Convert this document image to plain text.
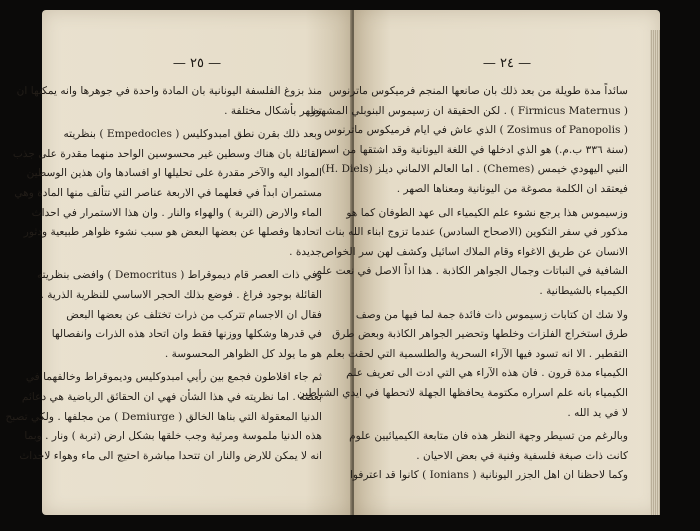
— ٢٥ —
منذ بزوغ الفلسفة اليونانية بان المادة واحدة في جوهرها وانه يمكنها ان
تظهر بأشكال مختلفة .
وبعد ذلك بقرن نطق امبدوكليس ( Empedocles ) بنظريته
القائلة بان هناك وسطين غير محسوسين الواحد منهما مقدرة على جذب
المواد اليه والآخر مقدرة على تحليلها او افسادها وان هذين الوسطين
مستمران ابداً في فعلهما في الاربعة عناصر التي تتألف منها المادة وهي
الماء والارض (التربة ) والهواء والنار . وان هذا الاستمرار في احداث
اتحادها وفصلها عن بعضها البعض هو سبب نشوء ظواهر طبيعية ودثور
جديدة .
وفي ذات العصر قام ديموقراط ( Democritus ) وافضى بنظريته
القائلة بوجود فراغ . فوضع بذلك الحجر الاساسي للنظرية الذرية .
فقال ان الاجسام تتركب من ذرات تختلف عن بعضها البعض
في قدرها وشكلها ووزنها فقط وان اتحاد هذه الذرات وانفصالها
هو ما يولد كل الظواهر المحسوسة .
ثم جاء افلاطون فجمع بين رأيي امبدوكليس وديموقراط وخالفهما في
بعضه . اما نظريته في هذا الشأن فهي ان الحقائق الرياضية هي دعائم
الدنيا المعقولة التي بناها الخالق ( Demiurge ) من مجلفها . ولكي تصبح
هذه الدنيا ملموسة ومرئية وجب خلقها بشكل ارض (تربة ) ونار . وبما
انه لا يمكن للارض والنار ان تتحدا مباشرة احتيج الى ماء وهواء لاحداث
— ٢٤ —
سائداً مدة طويلة من بعد ذلك بان صانعها المنجم فرميكوس ماترنوس
( Firmicus Maternus ) . لكن الحقيقة ان زسيموس البنوبلي المشهور
( Zosimus of Panopolis ) الذي عاش في ايام فرميكوس ماترنوس
(سنة ٣٣٦ ب.م.) هو الذي ادخلها في اللغة اليونانية وقد اشتقها من اسم
النبي اليهودي خيمس (Chemes) . اما العالم الالماني ديلز (H. Diels)
فيعتقد ان الكلمة مصوغة من اليونانية ومعناها الصهر .
وزسيموس هذا يرجع نشوء علم الكيمياء الى عهد الطوفان كما هو
مذكور في سفر التكوين (الاصحاح السادس) عندما تزوج ابناء الله بنات
الانسان عن طريق الاغواء وقام الملاك اسائيل وكشف لهن سر الخواص
الشافية في النباتات وجمال الجواهر الكاذبة . هذا اذاً الاصل في نعت علم
الكيمياء بالشيطانية .
ولا شك ان كتابات زسيموس ذات فائدة جمة لما فيها من وصف
طرق استخراج الفلزات وخلطها وتحضير الجواهر الكاذبة وبعض طرق
التقطير . الا انه تسود فيها الآراء السحرية والطلسمية التي لحقت بعلم
الكيمياء مدة قرون . فان هذه الآراء هي التي ادت الى تعريف علم
الكيمياء بانه علم اسراره مكتومة يحافظها الجهلة لاتحطها في ايدي الشياطين
لا في يد الله .
وبالرغم من تسيطر وجهة النظر هذه فان متابعة الكيميائيين علوم
كانت ذات صبغة فلسفية وفنية في بعض الاحيان .
وكما لاحظنا ان اهل الجزر اليونانية ( Ionians ) كانوا قد اعترفوا
